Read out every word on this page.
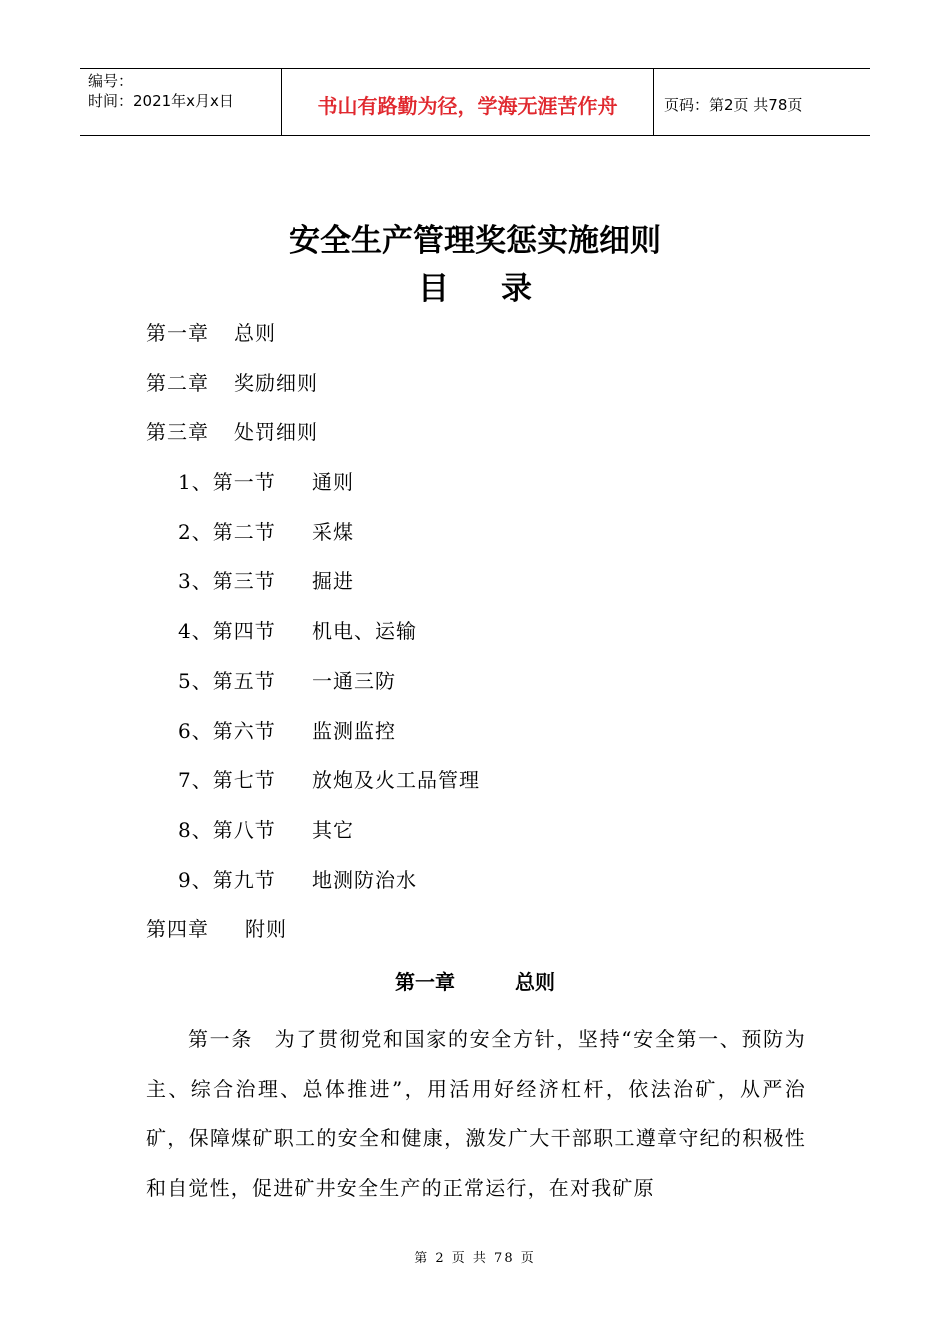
编号：
时间：2021年x月x日	书山有路勤为径，学海无涯苦作舟	页码：第2页 共78页
安全生产管理奖惩实施细则
目录
第一章 总则
第二章 奖励细则
第三章 处罚细则
1、第一节 通则
2、第二节 采煤
3、第三节 掘进
4、第四节 机电、运输
5、第五节 一通三防
6、第六节 监测监控
7、第七节 放炮及火工品管理
8、第八节 其它
9、第九节 地测防治水
第四章 附则
第一章	总则
第一条　为了贯彻党和国家的安全方针，坚持“安全第一、预防为主、综合治理、总体推进”，用活用好经济杠杆，依法治矿，从严治矿，保障煤矿职工的安全和健康，激发广大干部职工遵章守纪的积极性和自觉性，促进矿井安全生产的正常运行，在对我矿原
第 2 页 共 78 页
